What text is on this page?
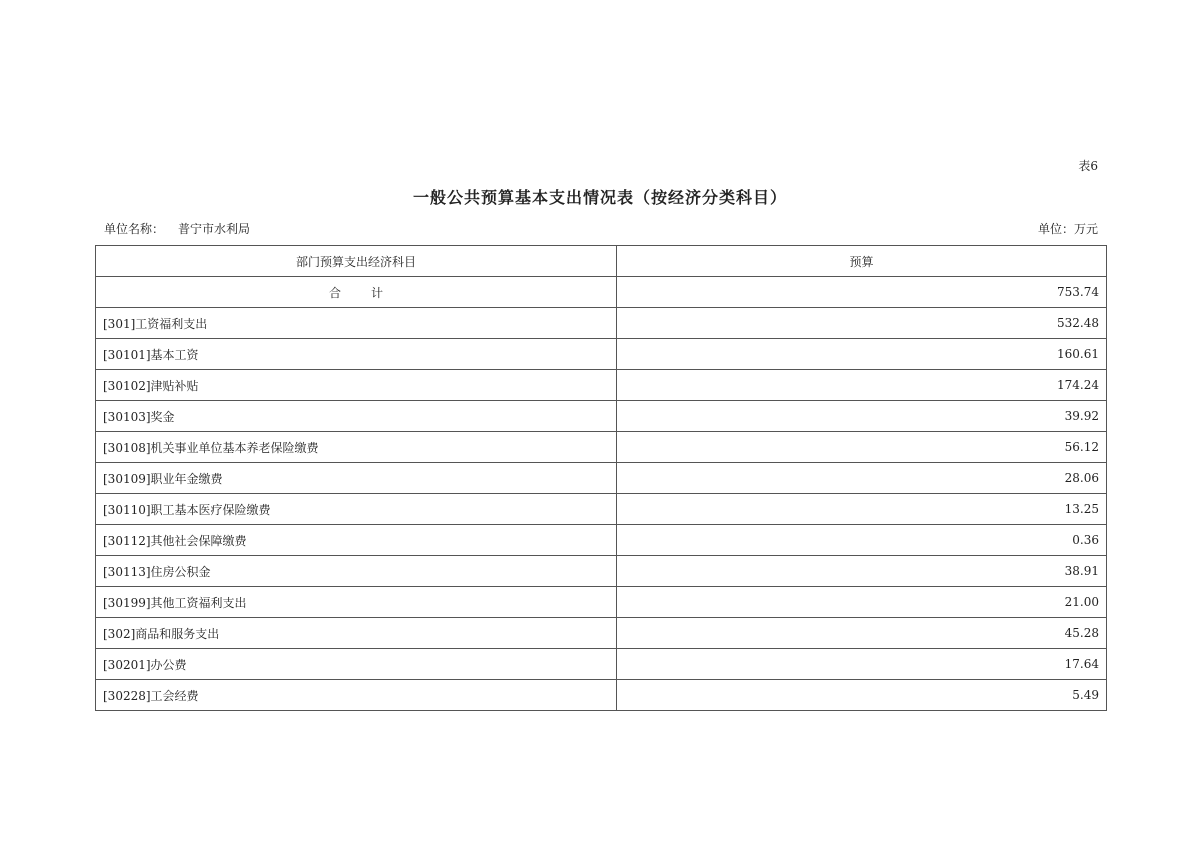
表6
一般公共预算基本支出情况表（按经济分类科目）
单位名称： 普宁市水利局	单位：万元
部门预算支出经济科目	预算
合计	753.74
[301]工资福利支出	532.48
[30101]基本工资	160.61
[30102]津贴补贴	174.24
[30103]奖金	39.92
[30108]机关事业单位基本养老保险缴费	56.12
[30109]职业年金缴费	28.06
[30110]职工基本医疗保险缴费	13.25
[30112]其他社会保障缴费	0.36
[30113]住房公积金	38.91
[30199]其他工资福利支出	21.00
[302]商品和服务支出	45.28
[30201]办公费	17.64
[30228]工会经费	5.49
